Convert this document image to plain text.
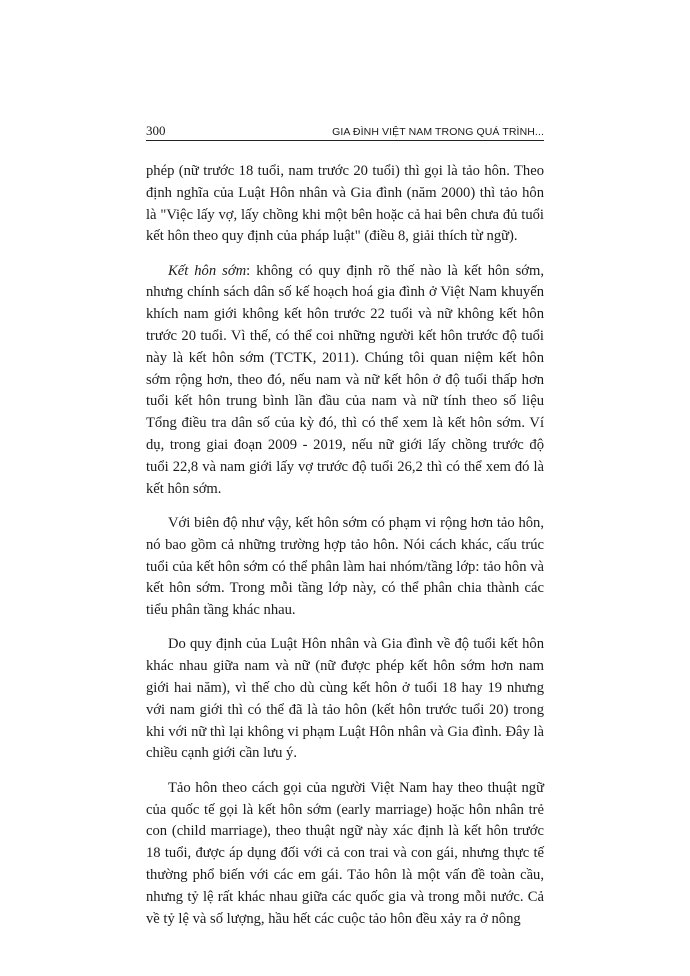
300	GIA ĐÌNH VIỆT NAM TRONG QUÁ TRÌNH...

phép (nữ trước 18 tuổi, nam trước 20 tuổi) thì gọi là tảo hôn. Theo định nghĩa của Luật Hôn nhân và Gia đình (năm 2000) thì tảo hôn là "Việc lấy vợ, lấy chồng khi một bên hoặc cả hai bên chưa đủ tuổi kết hôn theo quy định của pháp luật" (điều 8, giải thích từ ngữ).

Kết hôn sớm: không có quy định rõ thế nào là kết hôn sớm, nhưng chính sách dân số kế hoạch hoá gia đình ở Việt Nam khuyến khích nam giới không kết hôn trước 22 tuổi và nữ không kết hôn trước 20 tuổi. Vì thế, có thể coi những người kết hôn trước độ tuổi này là kết hôn sớm (TCTK, 2011). Chúng tôi quan niệm kết hôn sớm rộng hơn, theo đó, nếu nam và nữ kết hôn ở độ tuổi thấp hơn tuổi kết hôn trung bình lần đầu của nam và nữ tính theo số liệu Tổng điều tra dân số của kỳ đó, thì có thể xem là kết hôn sớm. Ví dụ, trong giai đoạn 2009 - 2019, nếu nữ giới lấy chồng trước độ tuổi 22,8 và nam giới lấy vợ trước độ tuổi 26,2 thì có thể xem đó là kết hôn sớm.

Với biên độ như vậy, kết hôn sớm có phạm vi rộng hơn tảo hôn, nó bao gồm cả những trường hợp tảo hôn. Nói cách khác, cấu trúc tuổi của kết hôn sớm có thể phân làm hai nhóm/tầng lớp: tảo hôn và kết hôn sớm. Trong mỗi tầng lớp này, có thể phân chia thành các tiểu phân tầng khác nhau.

Do quy định của Luật Hôn nhân và Gia đình về độ tuổi kết hôn khác nhau giữa nam và nữ (nữ được phép kết hôn sớm hơn nam giới hai năm), vì thế cho dù cùng kết hôn ở tuổi 18 hay 19 nhưng với nam giới thì có thể đã là tảo hôn (kết hôn trước tuổi 20) trong khi với nữ thì lại không vi phạm Luật Hôn nhân và Gia đình. Đây là chiều cạnh giới cần lưu ý.

Tảo hôn theo cách gọi của người Việt Nam hay theo thuật ngữ của quốc tế gọi là kết hôn sớm (early marriage) hoặc hôn nhân trẻ con (child marriage), theo thuật ngữ này xác định là kết hôn trước 18 tuổi, được áp dụng đối với cả con trai và con gái, nhưng thực tế thường phổ biến với các em gái. Tảo hôn là một vấn đề toàn cầu, nhưng tỷ lệ rất khác nhau giữa các quốc gia và trong mỗi nước. Cả về tỷ lệ và số lượng, hầu hết các cuộc tảo hôn đều xảy ra ở nông
